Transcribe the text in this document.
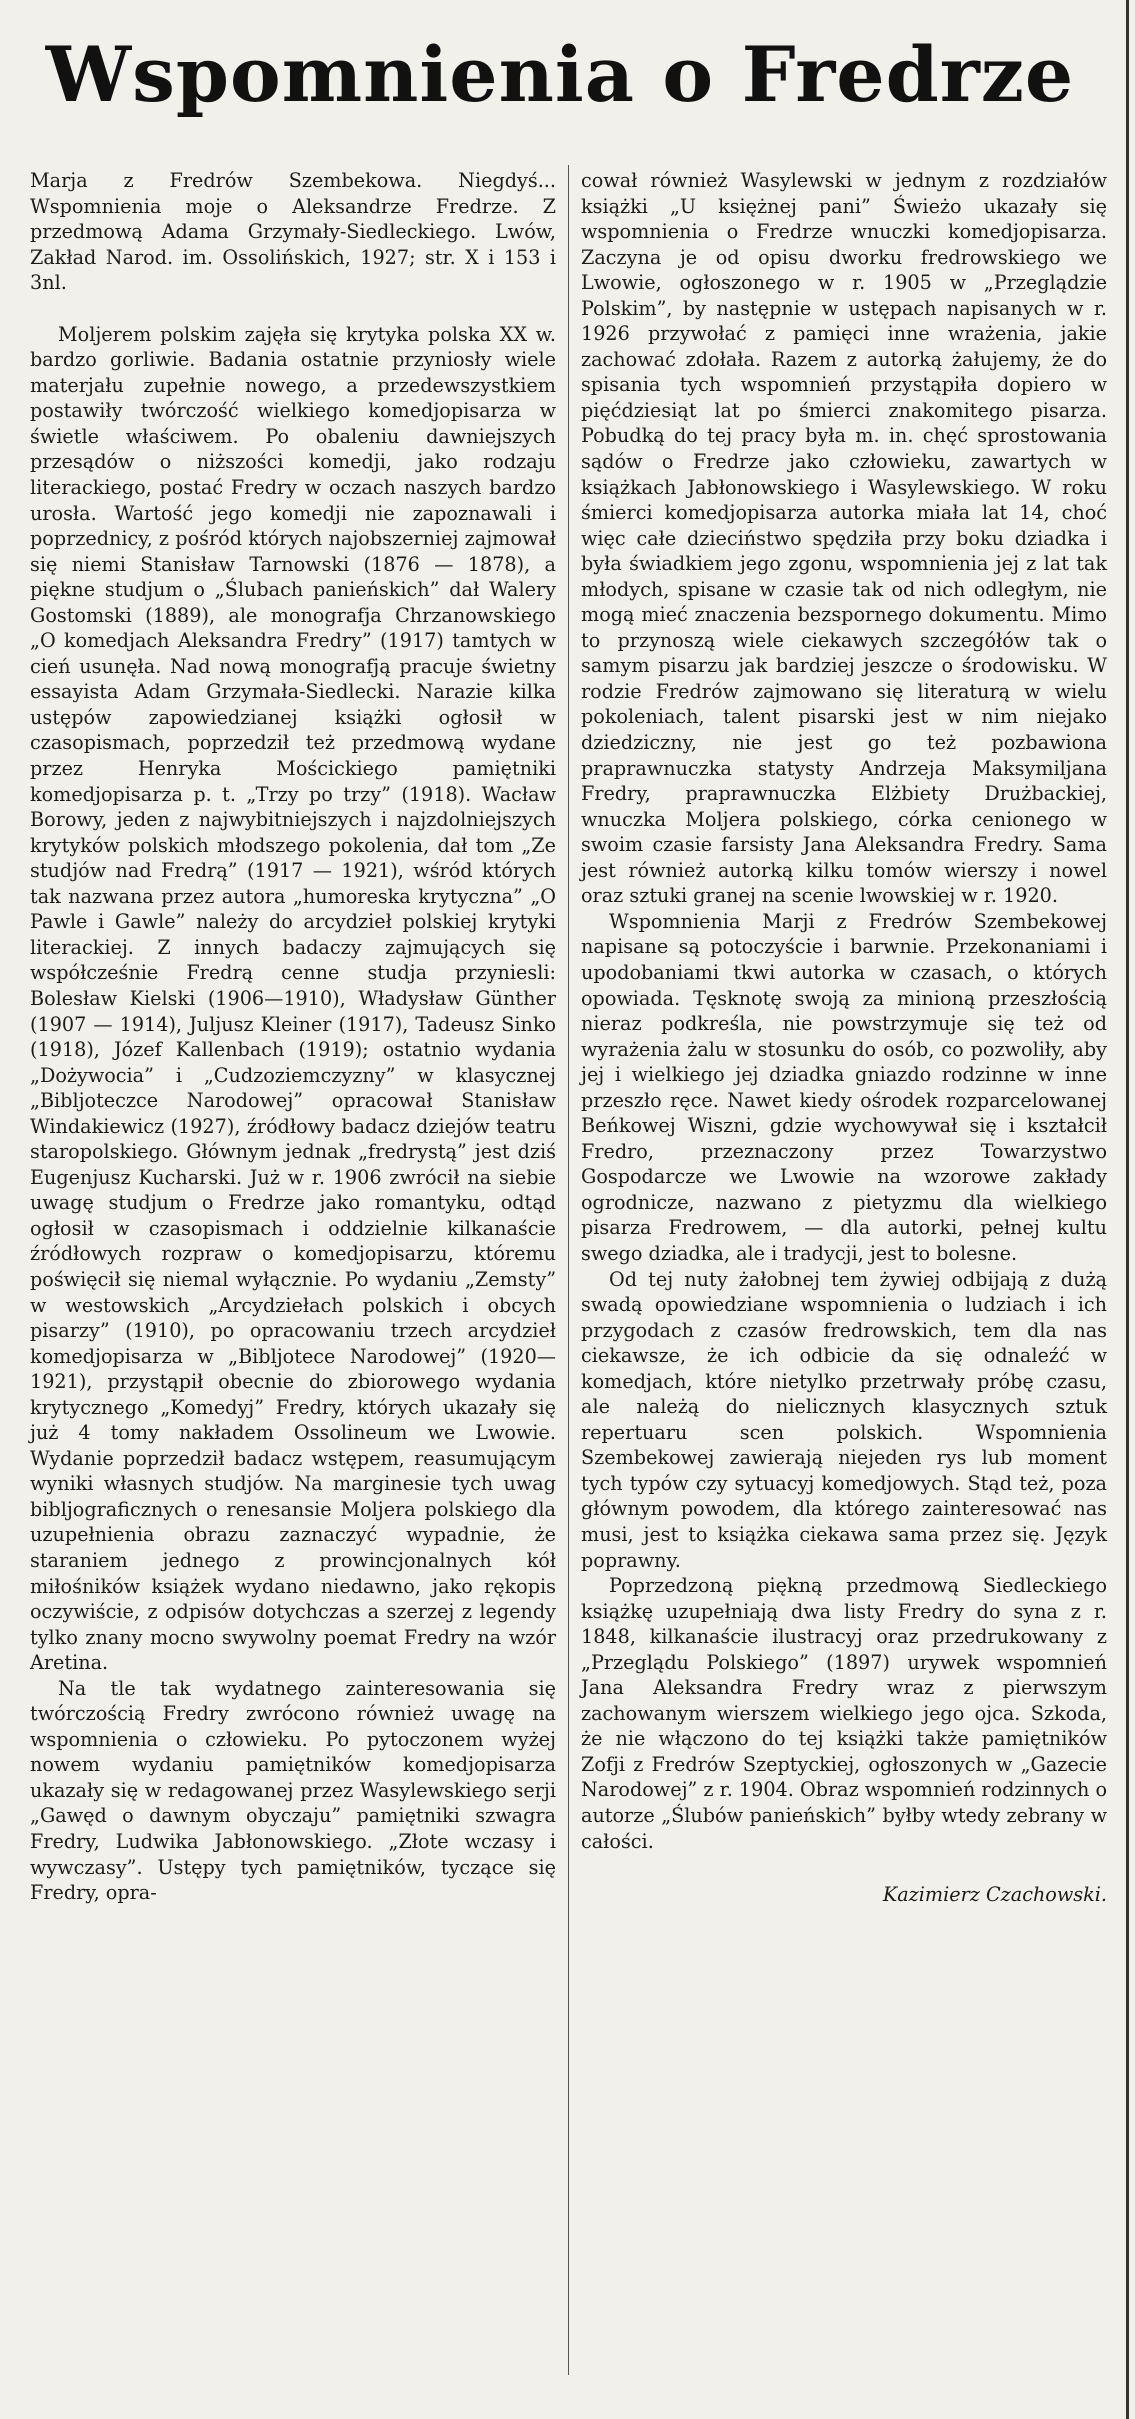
Wspomnienia o Fredrze

Marja z Fredrów Szembekowa. Niegdyś... Wspomnienia moje o Aleksandrze Fredrze. Z przedmową Adama Grzymały-Siedleckiego. Lwów, Zakład Narod. im. Ossolińskich, 1927; str. X i 153 i 3nl.

Moljerem polskim zajęła się krytyka polska XX w. bardzo gorliwie. Badania ostatnie przyniosły wiele materjału zupełnie nowego, a przedewszystkiem postawiły twórczość wielkiego komedjopisarza w świetle właściwem. Po obaleniu dawniejszych przesądów o niższości komedji, jako rodzaju literackiego, postać Fredry w oczach naszych bardzo urosła. Wartość jego komedji nie zapoznawali i poprzednicy, z pośród których najobszerniej zajmował się niemi Stanisław Tarnowski (1876 — 1878), a piękne studjum o „Ślubach panieńskich” dał Walery Gostomski (1889), ale monografja Chrzanowskiego „O komedjach Aleksandra Fredry” (1917) tamtych w cień usunęła. Nad nową monografją pracuje świetny essayista Adam Grzymała-Siedlecki. Narazie kilka ustępów zapowiedzianej książki ogłosił w czasopismach, poprzedził też przedmową wydane przez Henryka Mościckiego pamiętniki komedjopisarza p. t. „Trzy po trzy” (1918). Wacław Borowy, jeden z najwybitniejszych i najzdolniejszych krytyków polskich młodszego pokolenia, dał tom „Ze studjów nad Fredrą” (1917 — 1921), wśród których tak nazwana przez autora „humoreska krytyczna” „O Pawle i Gawle” należy do arcydzieł polskiej krytyki literackiej. Z innych badaczy zajmujących się współcześnie Fredrą cenne studja przyniesli: Bolesław Kielski (1906—1910), Władysław Günther (1907 — 1914), Juljusz Kleiner (1917), Tadeusz Sinko (1918), Józef Kallenbach (1919); ostatnio wydania „Dożywocia” i „Cudzoziemczyzny” w klasycznej „Bibljoteczce Narodowej” opracował Stanisław Windakiewicz (1927), źródłowy badacz dziejów teatru staropolskiego. Głównym jednak „fredrystą” jest dziś Eugenjusz Kucharski. Już w r. 1906 zwrócił na siebie uwagę studjum o Fredrze jako romantyku, odtąd ogłosił w czasopismach i oddzielnie kilkanaście źródłowych rozpraw o komedjopisarzu, któremu poświęcił się niemal wyłącznie. Po wydaniu „Zemsty” w westowskich „Arcydziełach polskich i obcych pisarzy” (1910), po opracowaniu trzech arcydzieł komedjopisarza w „Bibljotece Narodowej” (1920—1921), przystąpił obecnie do zbiorowego wydania krytycznego „Komedyj” Fredry, których ukazały się już 4 tomy nakładem Ossolineum we Lwowie. Wydanie poprzedził badacz wstępem, reasumującym wyniki własnych studjów. Na marginesie tych uwag bibljograficznych o renesansie Moljera polskiego dla uzupełnienia obrazu zaznaczyć wypadnie, że staraniem jednego z prowincjonalnych kół miłośników książek wydano niedawno, jako rękopis oczywiście, z odpisów dotychczas a szerzej z legendy tylko znany mocno swywolny poemat Fredry na wzór Aretina.

Na tle tak wydatnego zainteresowania się twórczością Fredry zwrócono również uwagę na wspomnienia o człowieku. Po pytoczonem wyżej nowem wydaniu pamiętników komedjopisarza ukazały się w redagowanej przez Wasylewskiego serji „Gawęd o dawnym obyczaju” pamiętniki szwagra Fredry, Ludwika Jabłonowskiego. „Złote wczasy i wywczasy”. Ustępy tych pamiętników, tyczące się Fredry, opra-

cował również Wasylewski w jednym z rozdziałów książki „U księżnej pani” Świeżo ukazały się wspomnienia o Fredrze wnuczki komedjopisarza. Zaczyna je od opisu dworku fredrowskiego we Lwowie, ogłoszonego w r. 1905 w „Przeglądzie Polskim”, by następnie w ustępach napisanych w r. 1926 przywołać z pamięci inne wrażenia, jakie zachować zdołała. Razem z autorką żałujemy, że do spisania tych wspomnień przystąpiła dopiero w pięćdziesiąt lat po śmierci znakomitego pisarza. Pobudką do tej pracy była m. in. chęć sprostowania sądów o Fredrze jako człowieku, zawartych w książkach Jabłonowskiego i Wasylewskiego. W roku śmierci komedjopisarza autorka miała lat 14, choć więc całe dzieciństwo spędziła przy boku dziadka i była świadkiem jego zgonu, wspomnienia jej z lat tak młodych, spisane w czasie tak od nich odległym, nie mogą mieć znaczenia bezspornego dokumentu. Mimo to przynoszą wiele ciekawych szczegółów tak o samym pisarzu jak bardziej jeszcze o środowisku. W rodzie Fredrów zajmowano się literaturą w wielu pokoleniach, talent pisarski jest w nim niejako dziedziczny, nie jest go też pozbawiona praprawnuczka statysty Andrzeja Maksymiljana Fredry, praprawnuczka Elżbiety Drużbackiej, wnuczka Moljera polskiego, córka cenionego w swoim czasie farsisty Jana Aleksandra Fredry. Sama jest również autorką kilku tomów wierszy i nowel oraz sztuki granej na scenie lwowskiej w r. 1920.

Wspomnienia Marji z Fredrów Szembekowej napisane są potoczyście i barwnie. Przekonaniami i upodobaniami tkwi autorka w czasach, o których opowiada. Tęsknotę swoją za minioną przeszłością nieraz podkreśla, nie powstrzymuje się też od wyrażenia żalu w stosunku do osób, co pozwoliły, aby jej i wielkiego jej dziadka gniazdo rodzinne w inne przeszło ręce. Nawet kiedy ośrodek rozparcelowanej Beńkowej Wiszni, gdzie wychowywał się i kształcił Fredro, przeznaczony przez Towarzystwo Gospodarcze we Lwowie na wzorowe zakłady ogrodnicze, nazwano z pietyzmu dla wielkiego pisarza Fredrowem, — dla autorki, pełnej kultu swego dziadka, ale i tradycji, jest to bolesne.

Od tej nuty żałobnej tem żywiej odbijają z dużą swadą opowiedziane wspomnienia o ludziach i ich przygodach z czasów fredrowskich, tem dla nas ciekawsze, że ich odbicie da się odnaleźć w komedjach, które nietylko przetrwały próbę czasu, ale należą do nielicznych klasycznych sztuk repertuaru scen polskich. Wspomnienia Szembekowej zawierają niejeden rys lub moment tych typów czy sytuacyj komedjowych. Stąd też, poza głównym powodem, dla którego zainteresować nas musi, jest to książka ciekawa sama przez się. Język poprawny.

Poprzedzoną piękną przedmową Siedleckiego książkę uzupełniają dwa listy Fredry do syna z r. 1848, kilkanaście ilustracyj oraz przedrukowany z „Przeglądu Polskiego” (1897) urywek wspomnień Jana Aleksandra Fredry wraz z pierwszym zachowanym wierszem wielkiego jego ojca. Szkoda, że nie włączono do tej książki także pamiętników Zofji z Fredrów Szeptyckiej, ogłoszonych w „Gazecie Narodowej” z r. 1904. Obraz wspomnień rodzinnych o autorze „Ślubów panieńskich” byłby wtedy zebrany w całości.

Kazimierz Czachowski.
